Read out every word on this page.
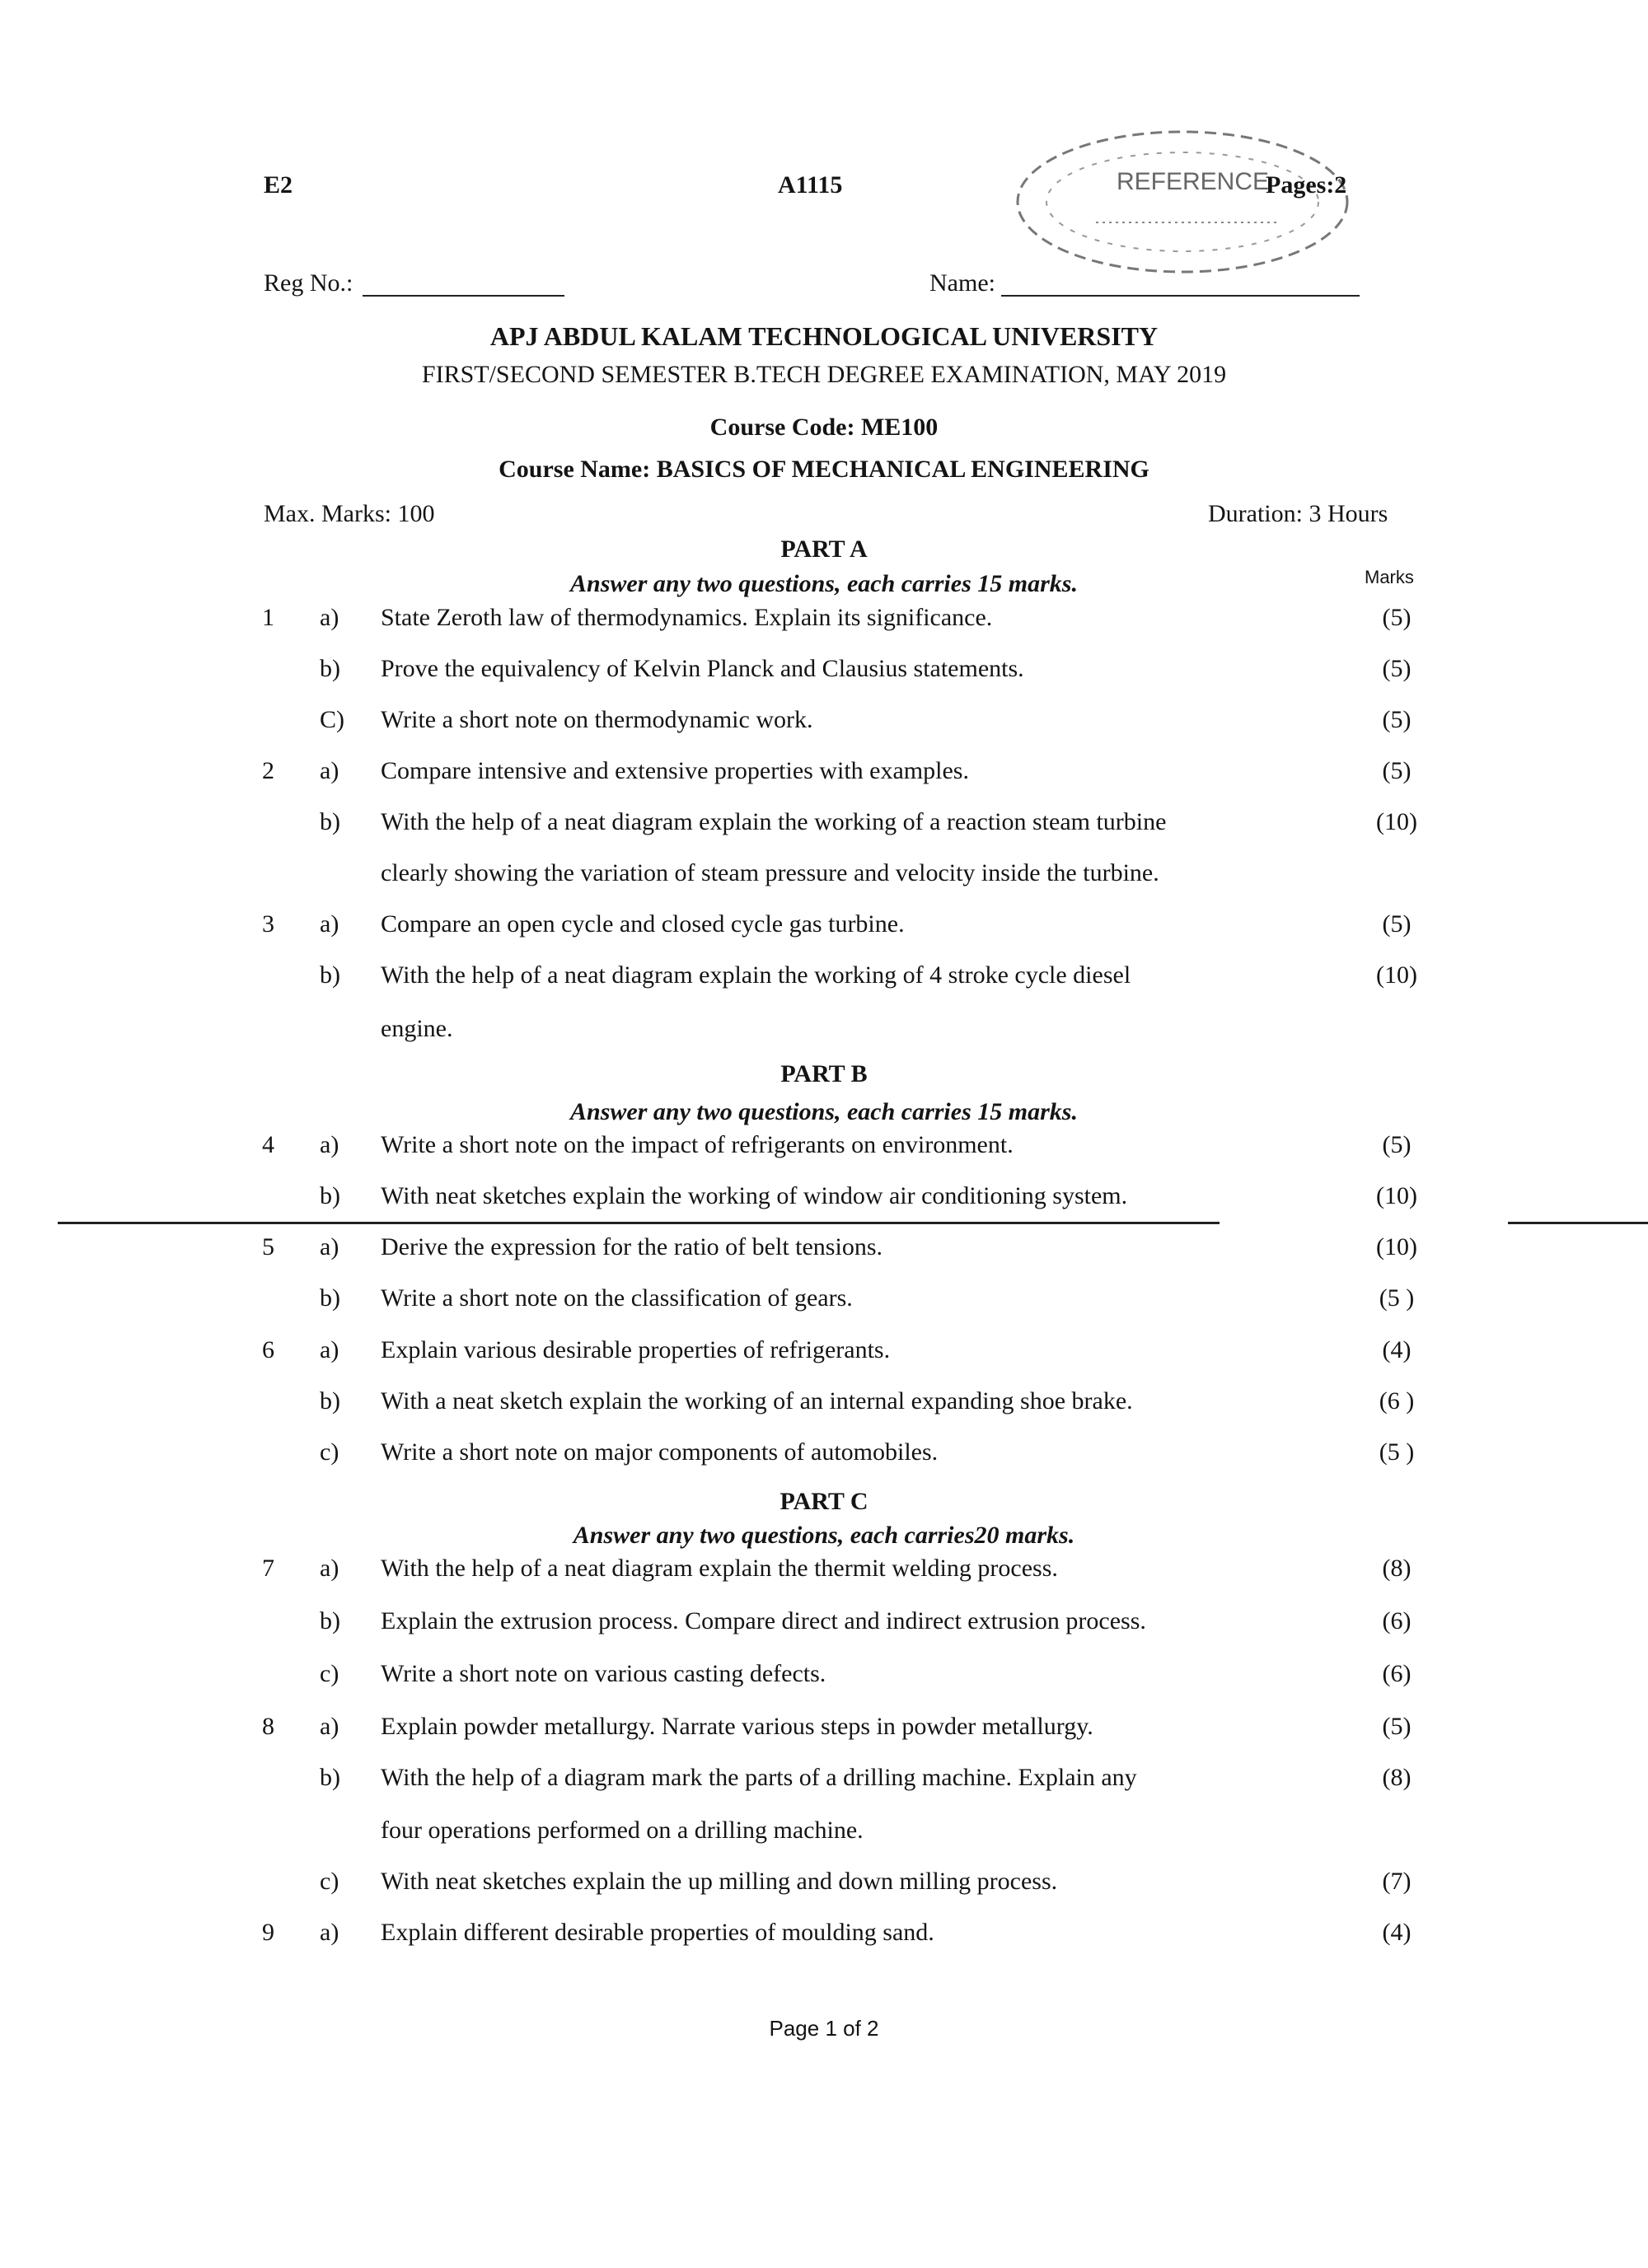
E2	A1115	REFERENCE
Pages:2
Reg No.:	Name:
APJ ABDUL KALAM TECHNOLOGICAL UNIVERSITY
FIRST/SECOND SEMESTER B.TECH DEGREE EXAMINATION, MAY 2019
Course Code: ME100
Course Name: BASICS OF MECHANICAL ENGINEERING
Max. Marks: 100	Duration: 3 Hours
PART A
Answer any two questions, each carries 15 marks.	Marks
1 a) State Zeroth law of thermodynamics. Explain its significance.	(5)
b) Prove the equivalency of Kelvin Planck and Clausius statements.	(5)
C) Write a short note on thermodynamic work.	(5)
2 a) Compare intensive and extensive properties with examples.	(5)
b) With the help of a neat diagram explain the working of a reaction steam turbine	(10)
clearly showing the variation of steam pressure and velocity inside the turbine.
3 a) Compare an open cycle and closed cycle gas turbine.	(5)
b) With the help of a neat diagram explain the working of 4 stroke cycle diesel	(10)
engine.
PART B
Answer any two questions, each carries 15 marks.
4 a) Write a short note on the impact of refrigerants on environment.	(5)
b) With neat sketches explain the working of window air conditioning system.	(10)
5 a) Derive the expression for the ratio of belt tensions.	(10)
b) Write a short note on the classification of gears.	(5 )
6 a) Explain various desirable properties of refrigerants.	(4)
b) With a neat sketch explain the working of an internal expanding shoe brake.	(6 )
c) Write a short note on major components of automobiles.	(5 )
PART C
Answer any two questions, each carries20 marks.
7 a) With the help of a neat diagram explain the thermit welding process.	(8)
b) Explain the extrusion process. Compare direct and indirect extrusion process.	(6)
c) Write a short note on various casting defects.	(6)
8 a) Explain powder metallurgy. Narrate various steps in powder metallurgy.	(5)
b) With the help of a diagram mark the parts of a drilling machine. Explain any	(8)
four operations performed on a drilling machine.
c) With neat sketches explain the up milling and down milling process.	(7)
9 a) Explain different desirable properties of moulding sand.	(4)
Page 1 of 2
